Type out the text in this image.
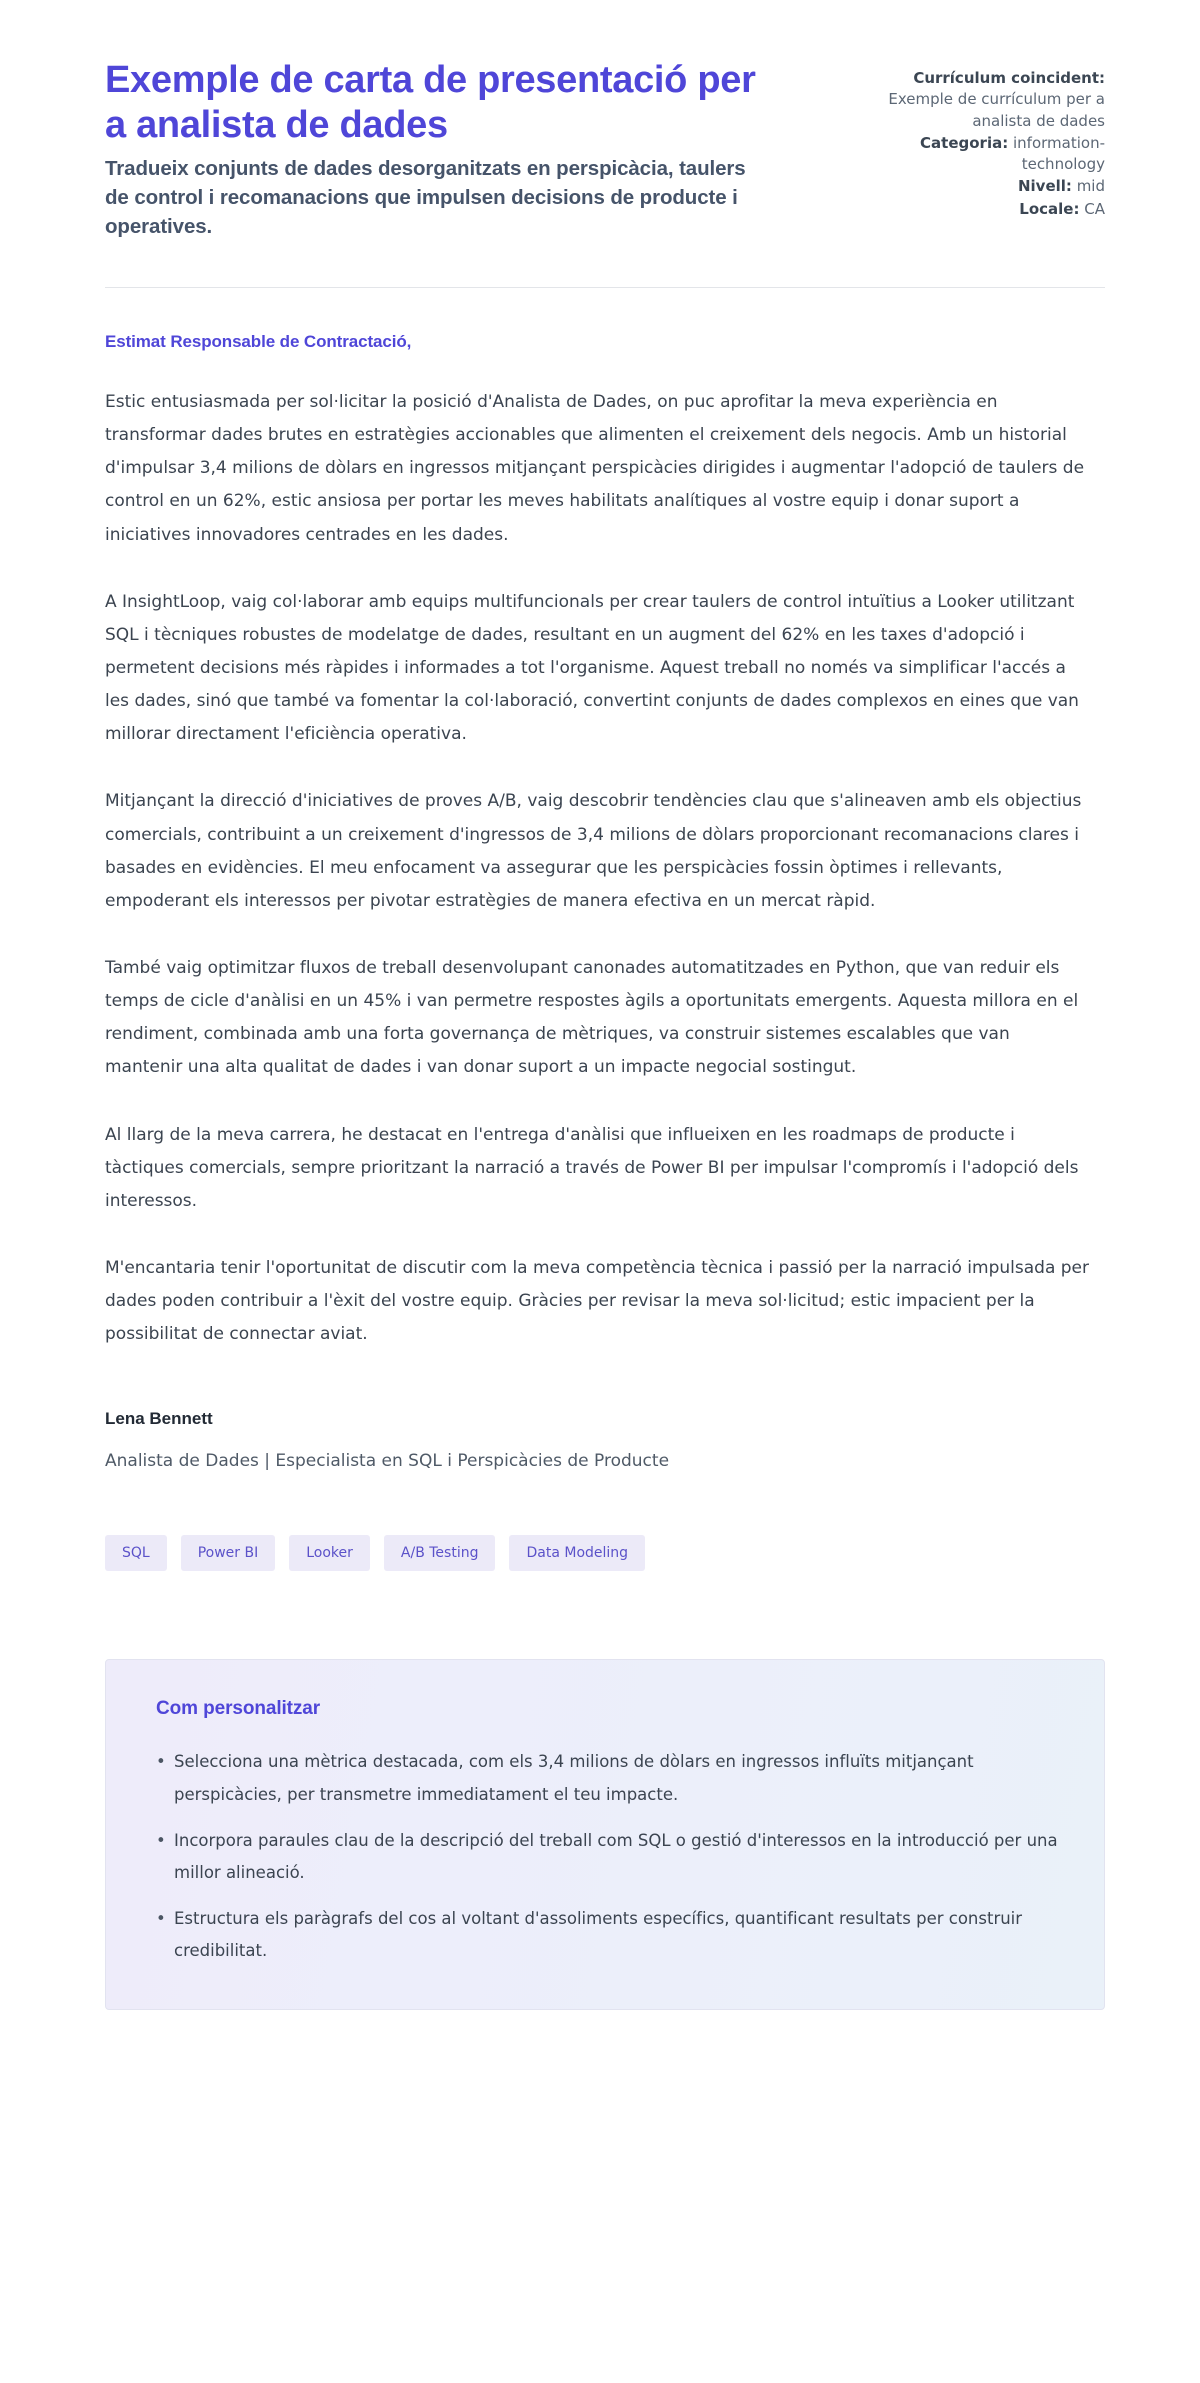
Exemple de carta de presentació per a analista de dades

Tradueix conjunts de dades desorganitzats en perspicàcia, taulers de control i recomanacions que impulsen decisions de producte i operatives.

Currículum coincident: Exemple de currículum per a analista de dades
Categoria: information-technology
Nivell: mid
Locale: CA

Estimat Responsable de Contractació,

Estic entusiasmada per sol·licitar la posició d'Analista de Dades, on puc aprofitar la meva experiència en transformar dades brutes en estratègies accionables que alimenten el creixement dels negocis. Amb un historial d'impulsar 3,4 milions de dòlars en ingressos mitjançant perspicàcies dirigides i augmentar l'adopció de taulers de control en un 62%, estic ansiosa per portar les meves habilitats analítiques al vostre equip i donar suport a iniciatives innovadores centrades en les dades.

A InsightLoop, vaig col·laborar amb equips multifuncionals per crear taulers de control intuïtius a Looker utilitzant SQL i tècniques robustes de modelatge de dades, resultant en un augment del 62% en les taxes d'adopció i permetent decisions més ràpides i informades a tot l'organisme. Aquest treball no només va simplificar l'accés a les dades, sinó que també va fomentar la col·laboració, convertint conjunts de dades complexos en eines que van millorar directament l'eficiència operativa.

Mitjançant la direcció d'iniciatives de proves A/B, vaig descobrir tendències clau que s'alineaven amb els objectius comercials, contribuint a un creixement d'ingressos de 3,4 milions de dòlars proporcionant recomanacions clares i basades en evidències. El meu enfocament va assegurar que les perspicàcies fossin òptimes i rellevants, empoderant els interessos per pivotar estratègies de manera efectiva en un mercat ràpid.

També vaig optimitzar fluxos de treball desenvolupant canonades automatitzades en Python, que van reduir els temps de cicle d'anàlisi en un 45% i van permetre respostes àgils a oportunitats emergents. Aquesta millora en el rendiment, combinada amb una forta governança de mètriques, va construir sistemes escalables que van mantenir una alta qualitat de dades i van donar suport a un impacte negocial sostingut.

Al llarg de la meva carrera, he destacat en l'entrega d'anàlisi que influeixen en les roadmaps de producte i tàctiques comercials, sempre prioritzant la narració a través de Power BI per impulsar l'compromís i l'adopció dels interessos.

M'encantaria tenir l'oportunitat de discutir com la meva competència tècnica i passió per la narració impulsada per dades poden contribuir a l'èxit del vostre equip. Gràcies per revisar la meva sol·licitud; estic impacient per la possibilitat de connectar aviat.

Lena Bennett

Analista de Dades | Especialista en SQL i Perspicàcies de Producte

SQL	Power BI	Looker	A/B Testing	Data Modeling
Com personalitzar
• Selecciona una mètrica destacada, com els 3,4 milions de dòlars en ingressos influïts mitjançant perspicàcies, per transmetre immediatament el teu impacte.
• Incorpora paraules clau de la descripció del treball com SQL o gestió d'interessos en la introducció per una millor alineació.
• Estructura els paràgrafs del cos al voltant d'assoliments específics, quantificant resultats per construir credibilitat.
